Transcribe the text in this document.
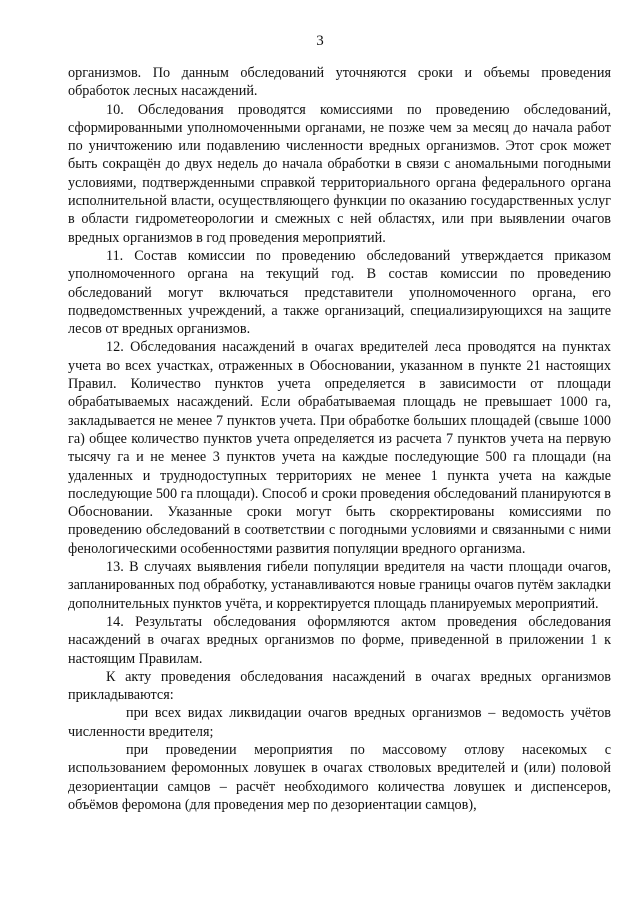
3

организмов. По данным обследований уточняются сроки и объемы проведения обработок лесных насаждений.

10. Обследования проводятся комиссиями по проведению обследований, сформированными уполномоченными органами, не позже чем за месяц до начала работ по уничтожению или подавлению численности вредных организмов. Этот срок может быть сокращён до двух недель до начала обработки в связи с аномальными погодными условиями, подтвержденными справкой территориального органа федерального органа исполнительной власти, осуществляющего функции по оказанию государственных услуг в области гидрометеорологии и смежных с ней областях, или при выявлении очагов вредных организмов в год проведения мероприятий.

11. Состав комиссии по проведению обследований утверждается приказом уполномоченного органа на текущий год. В состав комиссии по проведению обследований могут включаться представители уполномоченного органа, его подведомственных учреждений, а также организаций, специализирующихся на защите лесов от вредных организмов.

12. Обследования насаждений в очагах вредителей леса проводятся на пунктах учета во всех участках, отраженных в Обосновании, указанном в пункте 21 настоящих Правил. Количество пунктов учета определяется в зависимости от площади обрабатываемых насаждений. Если обрабатываемая площадь не превышает 1000 га, закладывается не менее 7 пунктов учета. При обработке больших площадей (свыше 1000 га) общее количество пунктов учета определяется из расчета 7 пунктов учета на первую тысячу га и не менее 3 пунктов учета на каждые последующие 500 га площади (на удаленных и труднодоступных территориях не менее 1 пункта учета на каждые последующие 500 га площади). Способ и сроки проведения обследований планируются в Обосновании. Указанные сроки могут быть скорректированы комиссиями по проведению обследований в соответствии с погодными условиями и связанными с ними фенологическими особенностями развития популяции вредного организма.

13. В случаях выявления гибели популяции вредителя на части площади очагов, запланированных под обработку, устанавливаются новые границы очагов путём закладки дополнительных пунктов учёта, и корректируется площадь планируемых мероприятий.

14. Результаты обследования оформляются актом проведения обследования насаждений в очагах вредных организмов по форме, приведенной в приложении 1 к настоящим Правилам.

К акту проведения обследования насаждений в очагах вредных организмов прикладываются:

при всех видах ликвидации очагов вредных организмов – ведомость учётов численности вредителя;

при проведении мероприятия по массовому отлову насекомых с использованием феромонных ловушек в очагах стволовых вредителей и (или) половой дезориентации самцов – расчёт необходимого количества ловушек и диспенсеров, объёмов феромона (для проведения мер по дезориентации самцов),
